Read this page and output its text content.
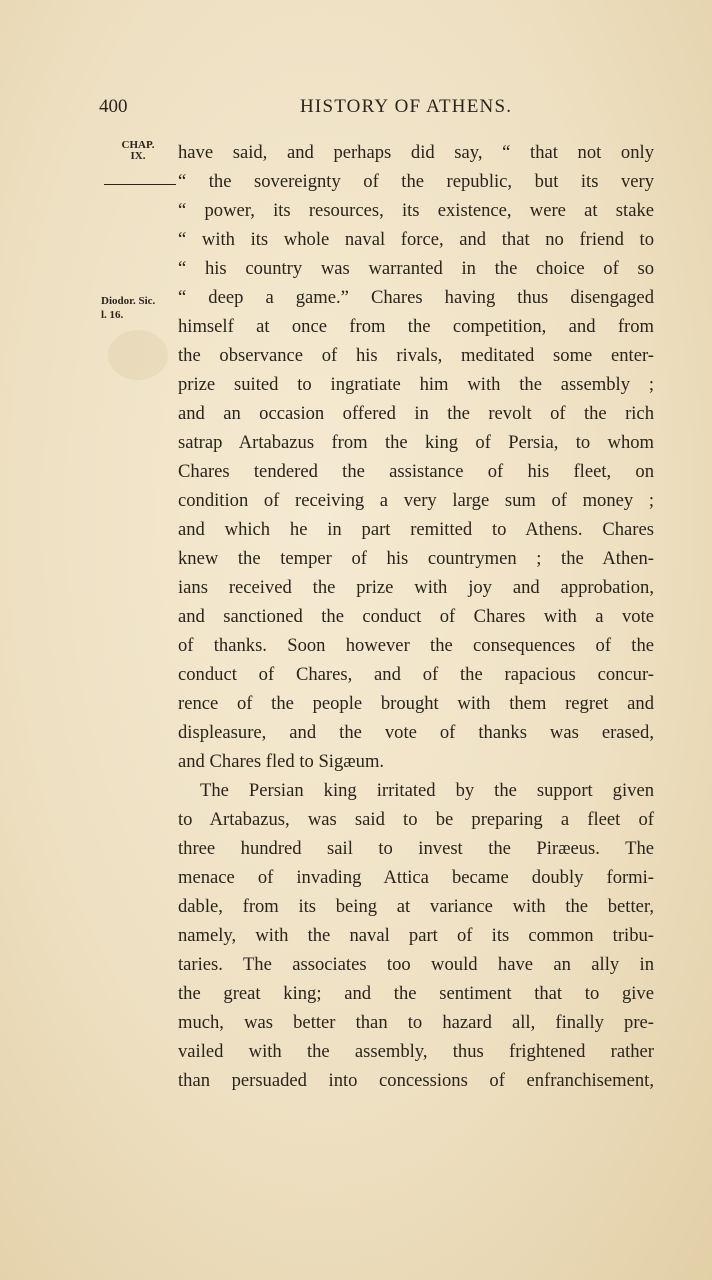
400	HISTORY OF ATHENS.
CHAP.
IX.
Diodor. Sic.
l. 16.
have said, and perhaps did say, “ that not only
“ the sovereignty of the republic, but its very
“ power, its resources, its existence, were at stake
“ with its whole naval force, and that no friend to
“ his country was warranted in the choice of so
“ deep a game.” Chares having thus disengaged
himself at once from the competition, and from
the observance of his rivals, meditated some enter-
prize suited to ingratiate him with the assembly ;
and an occasion offered in the revolt of the rich
satrap Artabazus from the king of Persia, to whom
Chares tendered the assistance of his fleet, on
condition of receiving a very large sum of money ;
and which he in part remitted to Athens. Chares
knew the temper of his countrymen ; the Athen-
ians received the prize with joy and approbation,
and sanctioned the conduct of Chares with a vote
of thanks. Soon however the consequences of the
conduct of Chares, and of the rapacious concur-
rence of the people brought with them regret and
displeasure, and the vote of thanks was erased,
and Chares fled to Sigæum.
The Persian king irritated by the support given
to Artabazus, was said to be preparing a fleet of
three hundred sail to invest the Piræeus. The
menace of invading Attica became doubly formi-
dable, from its being at variance with the better,
namely, with the naval part of its common tribu-
taries. The associates too would have an ally in
the great king; and the sentiment that to give
much, was better than to hazard all, finally pre-
vailed with the assembly, thus frightened rather
than persuaded into concessions of enfranchisement,
